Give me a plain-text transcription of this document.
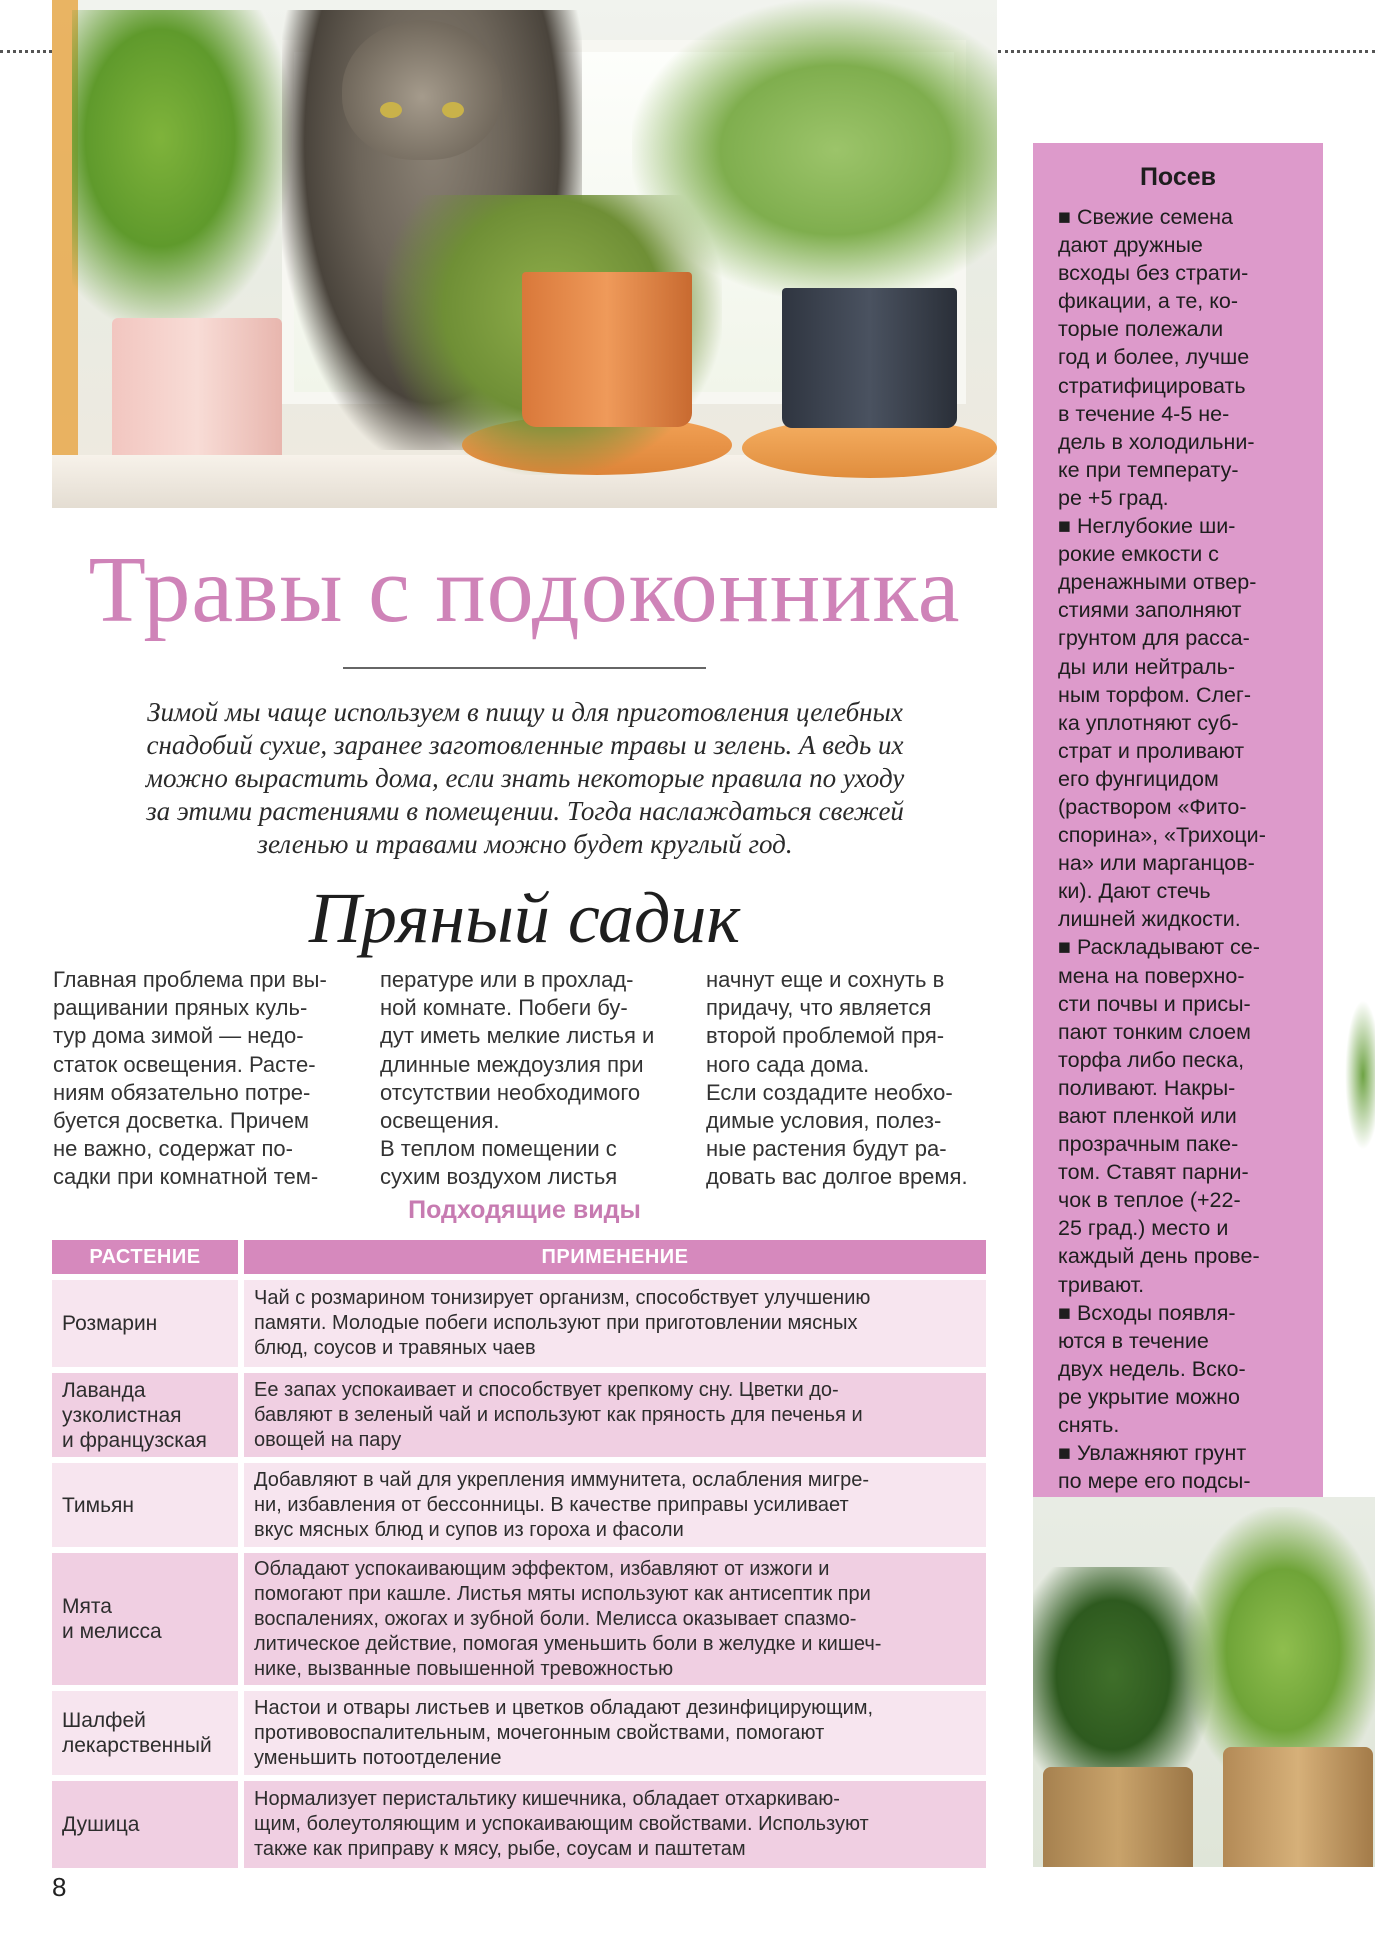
Травы с подоконника
Зимой мы чаще используем в пищу и для приготовления целебных
снадобий сухие, заранее заготовленные травы и зелень. А ведь их
можно вырастить дома, если знать некоторые правила по уходу
за этими растениями в помещении. Тогда наслаждаться свежей
зеленью и травами можно будет круглый год.
Пряный садик
Главная проблема при вы-
ращивании пряных куль-
тур дома зимой — недо-
статок освещения. Расте-
ниям обязательно потре-
буется досветка. Причем
не важно, содержат по-
садки при комнатной тем-
пературе или в прохлад-
ной комнате. Побеги бу-
дут иметь мелкие листья и
длинные междоузлия при
отсутствии необходимого
освещения.
В теплом помещении с
сухим воздухом листья
начнут еще и сохнуть в
придачу, что является
второй проблемой пря-
ного сада дома.
Если создадите необхо-
димые условия, полез-
ные растения будут ра-
довать вас долгое время.
Подходящие виды
РАСТЕНИЕ	ПРИМЕНЕНИЕ

Розмарин	Чай с розмарином тонизирует организм, способствует улучшению
памяти. Молодые побеги используют при приготовлении мясных
блюд, соусов и травяных чаев

Лаванда
узколистная
и французская	Ее запах успокаивает и способствует крепкому сну. Цветки до-
бавляют в зеленый чай и используют как пряность для печенья и
овощей на пару

Тимьян	Добавляют в чай для укрепления иммунитета, ослабления мигре-
ни, избавления от бессонницы. В качестве приправы усиливает
вкус мясных блюд и супов из гороха и фасоли

Мята
и мелисса	Обладают успокаивающим эффектом, избавляют от изжоги и
помогают при кашле. Листья мяты используют как антисептик при
воспалениях, ожогах и зубной боли. Мелисса оказывает спазмо-
литическое действие, помогая уменьшить боли в желудке и кишеч-
нике, вызванные повышенной тревожностью

Шалфей
лекарственный	Настои и отвары листьев и цветков обладают дезинфицирующим,
противовоспалительным, мочегонным свойствами, помогают
уменьшить потоотделение

Душица	Нормализует перистальтику кишечника, обладает отхаркиваю-
щим, болеутоляющим и успокаивающим свойствами. Используют
также как приправу к мясу, рыбе, соусам и паштетам
8
Посев
■ Свежие семена
дают дружные
всходы без страти-
фикации, а те, ко-
торые полежали
год и более, лучше
стратифицировать
в течение 4-5 не-
дель в холодильни-
ке при температу-
ре +5 град.
■ Неглубокие ши-
рокие емкости с
дренажными отвер-
стиями заполняют
грунтом для расса-
ды или нейтраль-
ным торфом. Слег-
ка уплотняют суб-
страт и проливают
его фунгицидом
(раствором «Фито-
спорина», «Трихоци-
на» или марганцов-
ки). Дают стечь
лишней жидкости.
■ Раскладывают се-
мена на поверхно-
сти почвы и присы-
пают тонким слоем
торфа либо песка,
поливают. Накры-
вают пленкой или
прозрачным паке-
том. Ставят парни-
чок в теплое (+22-
25 град.) место и
каждый день прове-
тривают.
■ Всходы появля-
ются в течение
двух недель. Вско-
ре укрытие можно
снять.
■ Увлажняют грунт
по мере его подсы-
